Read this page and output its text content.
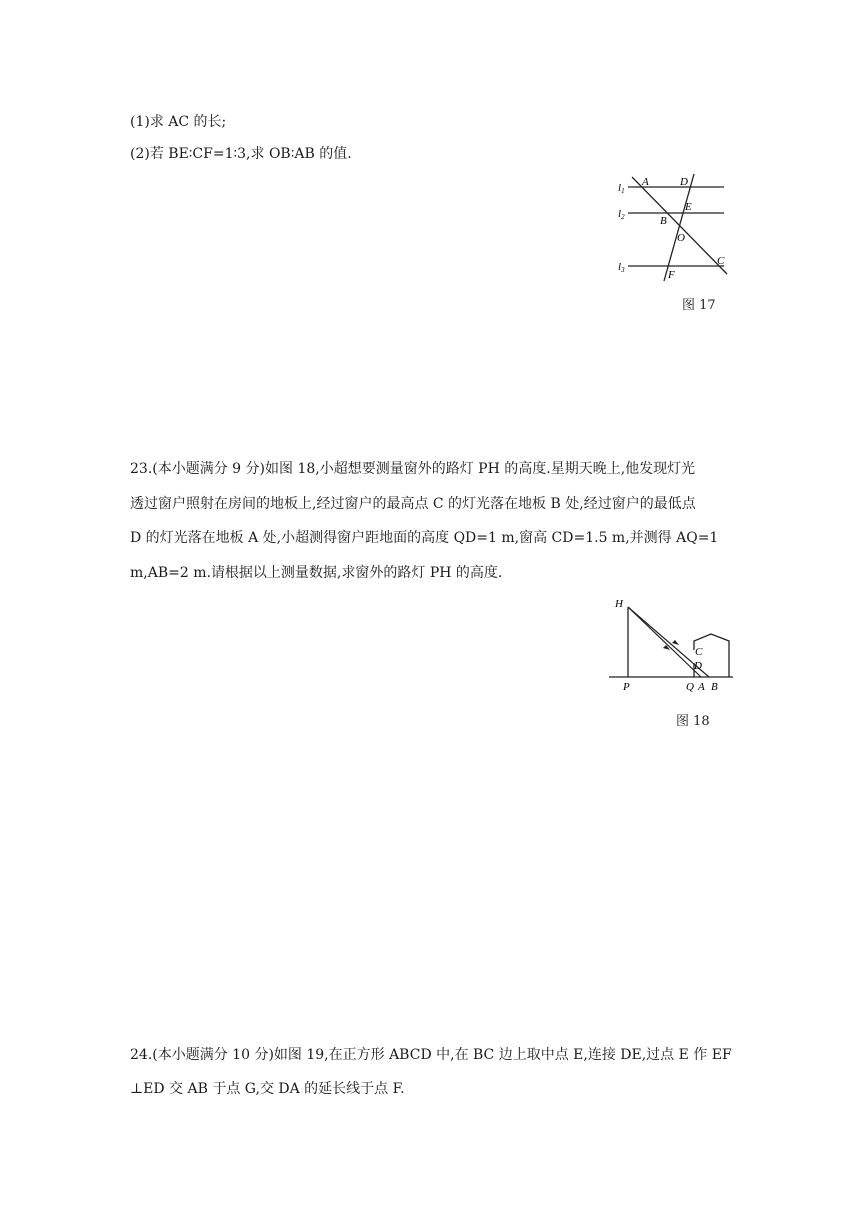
(1)求 AC 的长;
(2)若 BE∶CF=1∶3,求 OB∶AB 的值.
l1
l2
l3
A	D
E
B
O
C
F
图 17
23.(本小题满分 9 分)如图 18,小超想要测量窗外的路灯 PH 的高度.星期天晚上,他发现灯光
透过窗户照射在房间的地板上,经过窗户的最高点 C 的灯光落在地板 B 处,经过窗户的最低点
D 的灯光落在地板 A 处,小超测得窗户距地面的高度 QD=1 m,窗高 CD=1.5 m,并测得 AQ=1
m,AB=2 m.请根据以上测量数据,求窗外的路灯 PH 的高度.
H
C
D
P	Q A B
图 18
24.(本小题满分 10 分)如图 19,在正方形 ABCD 中,在 BC 边上取中点 E,连接 DE,过点 E 作 EF
⊥ED 交 AB 于点 G,交 DA 的延长线于点 F.
